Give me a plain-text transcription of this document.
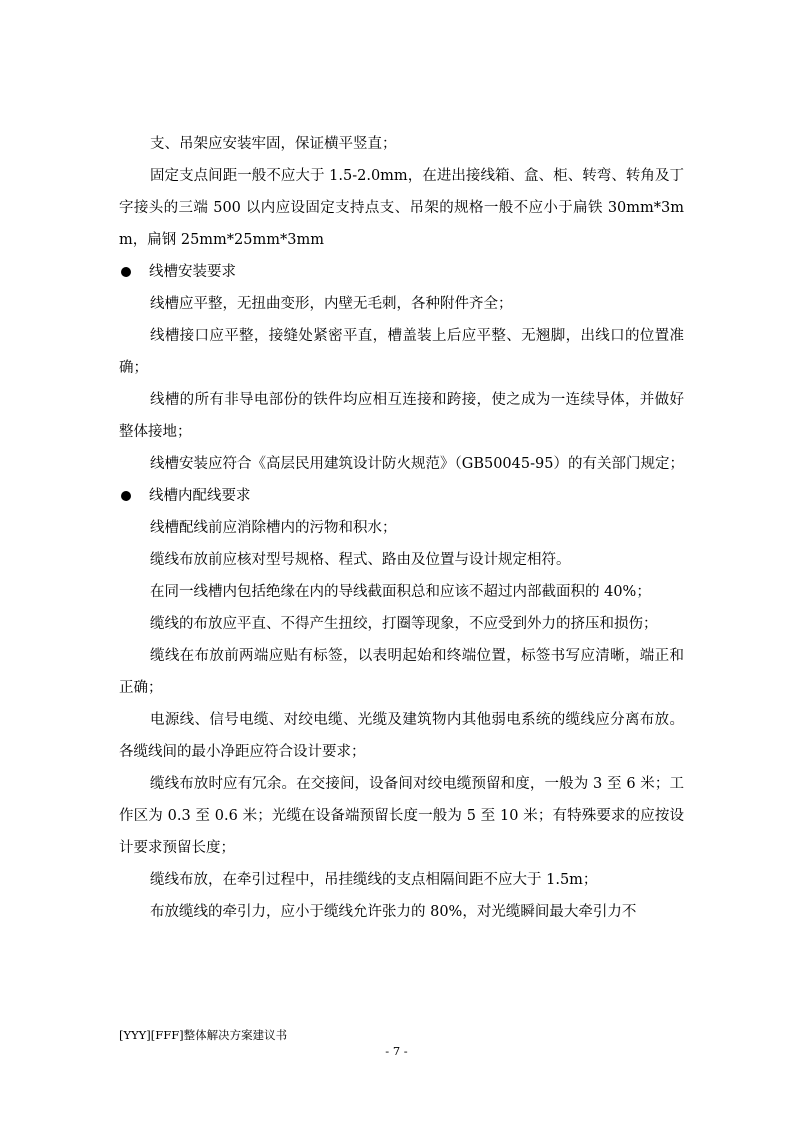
支、吊架应安装牢固，保证横平竖直；

固定支点间距一般不应大于 1.5-2.0mm，在进出接线箱、盒、柜、转弯、转角及丁字接头的三端 500 以内应设固定支持点支、吊架的规格一般不应小于扁铁 30mm*3mm，扁钢 25mm*25mm*3mm

线槽安装要求

线槽应平整，无扭曲变形，内壁无毛刺，各种附件齐全；

线槽接口应平整，接缝处紧密平直，槽盖装上后应平整、无翘脚，出线口的位置准确；

线槽的所有非导电部份的铁件均应相互连接和跨接，使之成为一连续导体，并做好整体接地；

线槽安装应符合《高层民用建筑设计防火规范》（GB50045-95）的有关部门规定；

线槽内配线要求

线槽配线前应消除槽内的污物和积水；

缆线布放前应核对型号规格、程式、路由及位置与设计规定相符。

在同一线槽内包括绝缘在内的导线截面积总和应该不超过内部截面积的 40%；

缆线的布放应平直、不得产生扭绞，打圈等现象，不应受到外力的挤压和损伤；

缆线在布放前两端应贴有标签，以表明起始和终端位置，标签书写应清晰，端正和正确；

电源线、信号电缆、对绞电缆、光缆及建筑物内其他弱电系统的缆线应分离布放。各缆线间的最小净距应符合设计要求；

缆线布放时应有冗余。在交接间，设备间对绞电缆预留和度，一般为 3 至 6 米；工作区为 0.3 至 0.6 米；光缆在设备端预留长度一般为 5 至 10 米；有特殊要求的应按设计要求预留长度；

缆线布放，在牵引过程中，吊挂缆线的支点相隔间距不应大于 1.5m；

布放缆线的牵引力，应小于缆线允许张力的 80%，对光缆瞬间最大牵引力不

[YYY][FFF]整体解决方案建议书
- 7 -
